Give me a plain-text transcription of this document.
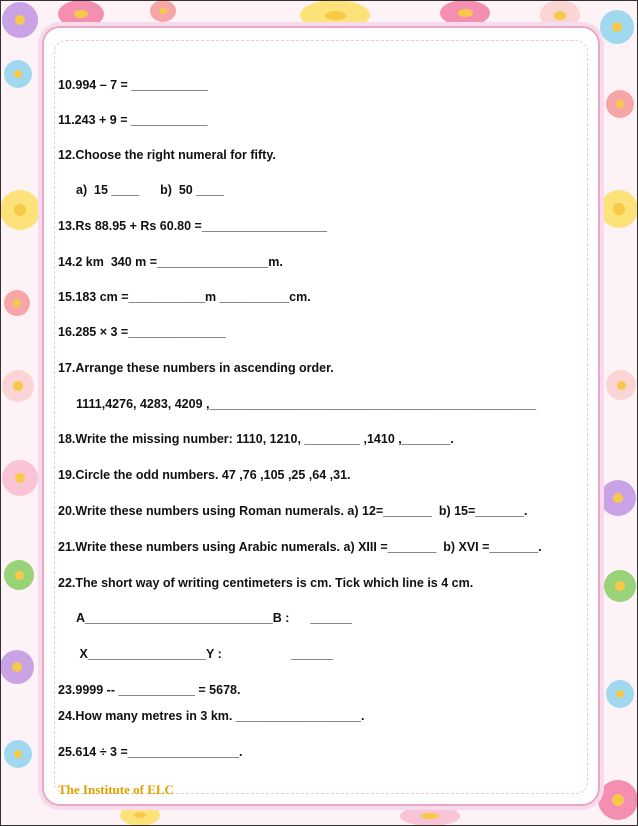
10.994 – 7 = ___________
11.243 + 9 = ___________
12.Choose the right numeral for fifty.
a)  15 ____      b)  50 ____
13.Rs 88.95 + Rs 60.80 =__________________
14.2 km  340 m =________________m.
15.183 cm =___________m __________cm.
16.285 × 3 =______________
17.Arrange these numbers in ascending order.
1111,4276, 4283, 4209 ,_______________________________________________
18.Write the missing number: 1110, 1210, ________ ,1410 ,_______.
19.Circle the odd numbers. 47 ,76 ,105 ,25 ,64 ,31.
20.Write these numbers using Roman numerals. a) 12=_______  b) 15=_______.
21.Write these numbers using Arabic numerals. a) XIII =_______  b) XVI =_______.
22.The short way of writing centimeters is cm. Tick which line is 4 cm.
A___________________________B :      ______
X_________________Y :                    ______
23.9999 -- ___________ = 5678.
24.How many metres in 3 km. __________________.
25.614 ÷ 3 =________________.
The Institute of ELC
